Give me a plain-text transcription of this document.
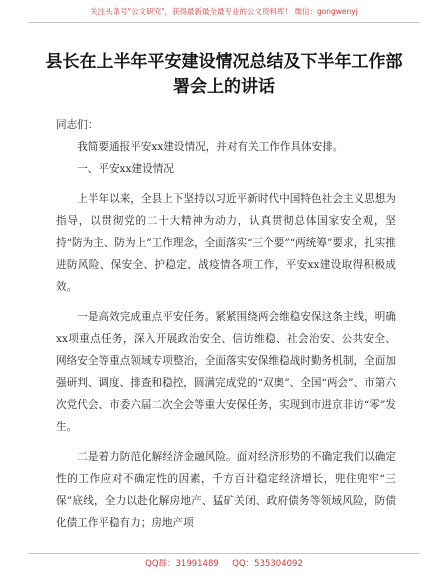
关注头条号"公文研究"，获得最新最全最专业的公文资料库！ 微信：gongwenyj
县长在上半年平安建设情况总结及下半年工作部署会上的讲话

同志们：

我简要通报平安xx建设情况，并对有关工作作具体安排。

一、平安xx建设情况

上半年以来，全县上下坚持以习近平新时代中国特色社会主义思想为指导，以贯彻党的二十大精神为动力，认真贯彻总体国家安全观，坚持“防为主、防为上”工作理念，全面落实“三个要”“两统筹”要求，扎实推进防风险、保安全、护稳定、战疫情各项工作，平安xx建设取得积极成效。

一是高效完成重点平安任务。紧紧围绕两会维稳安保这条主线，明确xx项重点任务，深入开展政治安全、信访维稳、社会治安、公共安全、网络安全等重点领域专项整治，全面落实安保维稳战时勤务机制，全面加强研判、调度、排查和稳控，圆满完成党的“双奥”、全国“两会”、市第六次党代会、市委六届二次全会等重大安保任务，实现到市进京非访“零”发生。

二是着力防范化解经济金融风险。面对经济形势的不确定我们以确定性的工作应对不确定性的因素，千方百计稳定经济增长，兜住兜牢“三保”底线，全力以赴化解房地产、猛矿关闭、政府债务等领域风险，防债化债工作平稳有力；房地产项

QQ群：31991489     QQ：535304092
